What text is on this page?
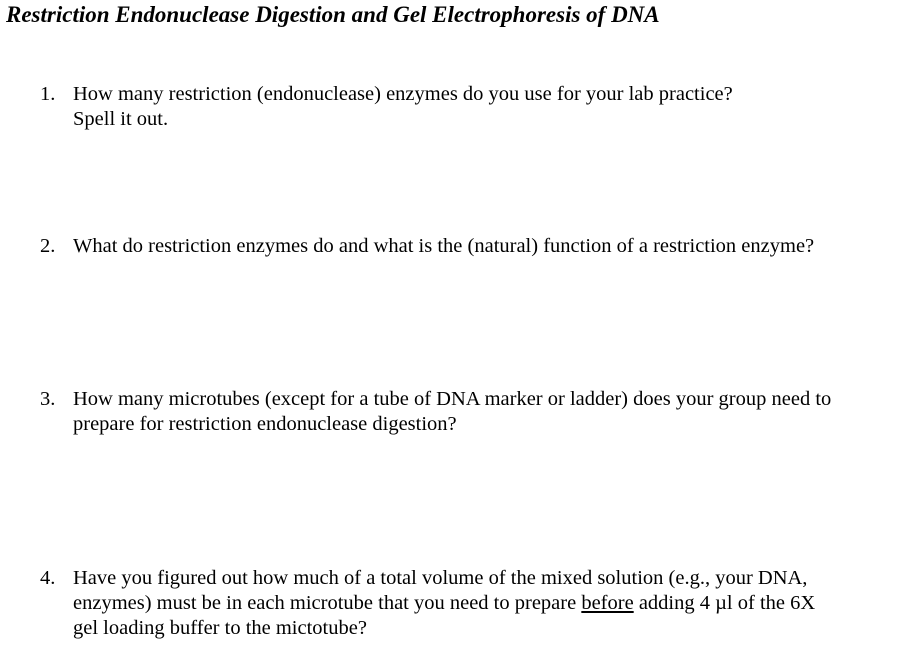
Restriction Endonuclease Digestion and Gel Electrophoresis of DNA
1. How many restriction (endonuclease) enzymes do you use for your lab practice?
Spell it out.
2. What do restriction enzymes do and what is the (natural) function of a restriction enzyme?
3. How many microtubes (except for a tube of DNA marker or ladder) does your group need to
prepare for restriction endonuclease digestion?
4. Have you figured out how much of a total volume of the mixed solution (e.g., your DNA,
enzymes) must be in each microtube that you need to prepare before adding 4 µl of the 6X
gel loading buffer to the mictotube?
